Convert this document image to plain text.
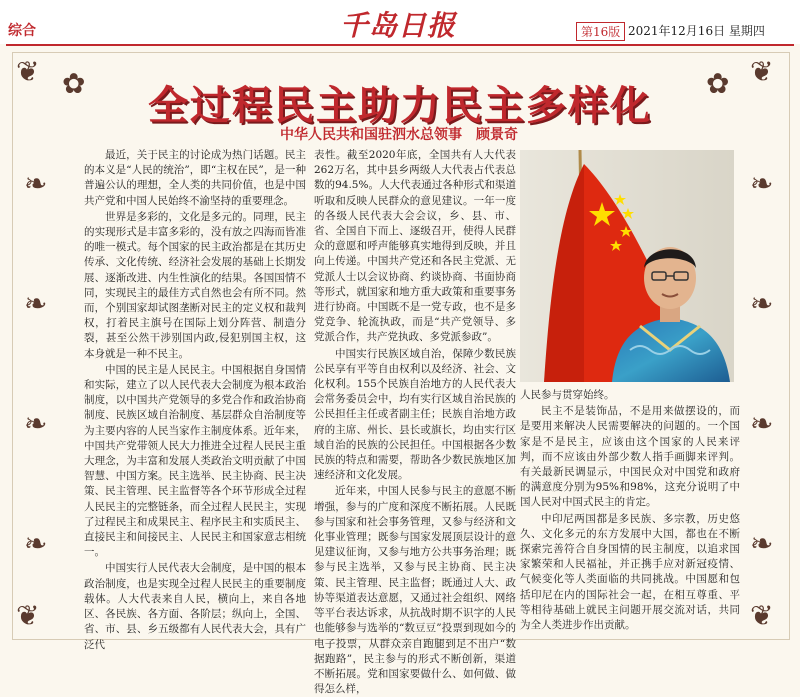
综合	千岛日报	第16版 2021年12月16日 星期四
❦ ✿	❦
✿
❧
❧
❧
❧
❧
❧
❧
❧
❦	❦
全过程民主助力民主多样化
中华人民共和国驻泗水总领事　顾景奇

最近，关于民主的讨论成为热门话题。民主的本义是“人民的统治”，即“主权在民”，是一种普遍公认的理想，全人类的共同价值，也是中国共产党和中国人民始终不渝坚持的重要理念。

世界是多彩的，文化是多元的。同理，民主的实现形式是丰富多彩的，没有放之四海而皆准的唯一模式。每个国家的民主政治都是在其历史传承、文化传统、经济社会发展的基础上长期发展、逐渐改进、内生性演化的结果。各国国情不同，实现民主的最佳方式自然也会有所不同。然而，个别国家却试图垄断对民主的定义权和裁判权，打着民主旗号在国际上划分阵营、制造分裂，甚至公然干涉别国内政,侵犯别国主权，这本身就是一种不民主。

中国的民主是人民民主。中国根据自身国情和实际，建立了以人民代表大会制度为根本政治制度，以中国共产党领导的多党合作和政治协商制度、民族区域自治制度、基层群众自治制度等为主要内容的人民当家作主制度体系。近年来，中国共产党带领人民大力推进全过程人民民主重大理念，为丰富和发展人类政治文明贡献了中国智慧、中国方案。民主选举、民主协商、民主决策、民主管理、民主监督等各个环节形成全过程人民民主的完整链条，而全过程人民民主，实现了过程民主和成果民主、程序民主和实质民主、直接民主和间接民主、人民民主和国家意志相统一。

中国实行人民代表大会制度，是中国的根本政治制度，也是实现全过程人民民主的重要制度载体。人大代表来自人民，横向上，来自各地区、各民族、各方面、各阶层；纵向上，全国、省、市、县、乡五级都有人民代表大会，具有广泛代

表性。截至2020年底，全国共有人大代表262万名，其中县乡两级人大代表占代表总数的94.5%。人大代表通过各种形式和渠道听取和反映人民群众的意见建议。一年一度的各级人民代表大会会议，乡、县、市、省、全国自下而上、逐级召开，使得人民群众的意愿和呼声能够真实地得到反映，并且向上传递。中国共产党还和各民主党派、无党派人士以会议协商、约谈协商、书面协商等形式，就国家和地方重大政策和重要事务进行协商。中国既不是一党专政，也不是多党竞争、轮流执政，而是“共产党领导、多党派合作，共产党执政、多党派参政”。

中国实行民族区域自治，保障少数民族公民享有平等自由权利以及经济、社会、文化权利。155个民族自治地方的人民代表大会常务委员会中，均有实行区域自治民族的公民担任主任或者副主任；民族自治地方政府的主席、州长、县长或旗长，均由实行区域自治的民族的公民担任。中国根据各少数民族的特点和需要，帮助各少数民族地区加速经济和文化发展。

近年来，中国人民参与民主的意愿不断增强，参与的广度和深度不断拓展。人民既参与国家和社会事务管理，又参与经济和文化事业管理；既参与国家发展顶层设计的意见建议征询，又参与地方公共事务治理；既参与民主选举，又参与民主协商、民主决策、民主管理、民主监督；既通过人大、政协等渠道表达意愿，又通过社会组织、网络等平台表达诉求，从抗战时期不识字的人民也能够参与选举的“数豆豆”投票到现如今的电子投票，从群众亲自跑腿到足不出户“数据跑路”，民主参与的形式不断创新，渠道不断拓展。党和国家要做什么、如何做、做得怎么样，

人民参与贯穿始终。

民主不是装饰品，不是用来做摆设的，而是要用来解决人民需要解决的问题的。一个国家是不是民主，应该由这个国家的人民来评判，而不应该由外部少数人指手画脚来评判。有关最新民调显示，中国民众对中国党和政府的满意度分别为95%和98%，这充分说明了中国人民对中国式民主的肯定。

中印尼两国都是多民族、多宗教，历史悠久、文化多元的东方发展中大国，都也在不断探索完善符合自身国情的民主制度，以追求国家繁荣和人民福祉，并正携手应对新冠疫情、气候变化等人类面临的共同挑战。中国愿和包括印尼在内的国际社会一起，在相互尊重、平等相待基础上就民主问题开展交流对话，共同为全人类进步作出贡献。
